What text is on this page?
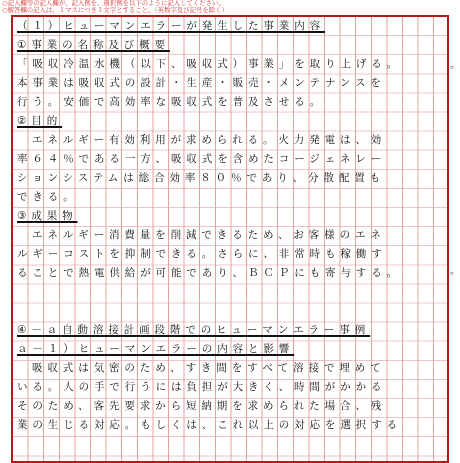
○記入欄等の記入欄が、記入例を、選択例を以下のように記入してください。
○解答欄の記入は、１マスにつき１文字とすること。（英数字及び記号を除く）
（１）ヒューマンエラーが発生した事業内容
①事業の名称及び概要
「吸収冷温水機（以下、吸収式）事業」を取り上げる。
本事業は吸収式の設計・生産・販売・メンテナンスを
行う。安価で高効率な吸収式を普及させる。
②目的
エネルギー有効利用が求められる。火力発電は、効
率６４％である一方、吸収式を含めたコージェネレー
ションシステムは総合効率８０％であり、分散配置も
できる。
③成果物
エネルギー消費量を削減できるため、お客様のエネ
ルギーコストを抑制できる。さらに、非常時も稼働す
ることで熱電供給が可能であり、ＢＣＰにも寄与する。
④－ａ自動溶接計画段階でのヒューマンエラー事例
ａ－１）ヒューマンエラーの内容と影響
吸収式は気密のため、すき間をすべて溶接で埋めて
いる。人の手で行うには負担が大きく、時間がかかる
そのため、客先要求から短納期を求められた場合、残
業の生じる対応。もしくは、これ以上の対応を選択する
。
。
